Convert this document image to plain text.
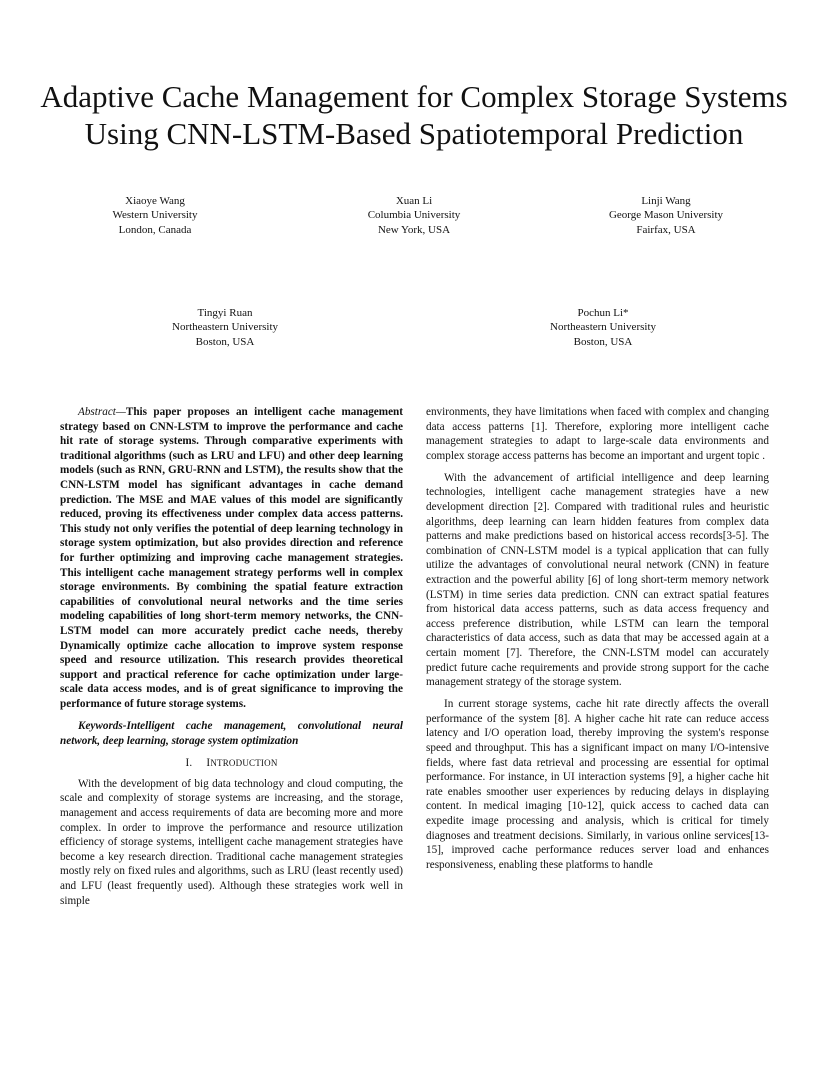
Adaptive Cache Management for Complex Storage Systems Using CNN-LSTM-Based Spatiotemporal Prediction
Xiaoye Wang
Western University
London, Canada
Xuan Li
Columbia University
New York, USA
Linji Wang
George Mason University
Fairfax, USA
Tingyi Ruan
Northeastern University
Boston, USA
Pochun Li*
Northeastern University
Boston, USA

Abstract—This paper proposes an intelligent cache management strategy based on CNN-LSTM to improve the performance and cache hit rate of storage systems. Through comparative experiments with traditional algorithms (such as LRU and LFU) and other deep learning models (such as RNN, GRU-RNN and LSTM), the results show that the CNN-LSTM model has significant advantages in cache demand prediction. The MSE and MAE values of this model are significantly reduced, proving its effectiveness under complex data access patterns. This study not only verifies the potential of deep learning technology in storage system optimization, but also provides direction and reference for further optimizing and improving cache management strategies. This intelligent cache management strategy performs well in complex storage environments. By combining the spatial feature extraction capabilities of convolutional neural networks and the time series modeling capabilities of long short-term memory networks, the CNN-LSTM model can more accurately predict cache needs, thereby Dynamically optimize cache allocation to improve system response speed and resource utilization. This research provides theoretical support and practical reference for cache optimization under large-scale data access modes, and is of great significance to improving the performance of future storage systems.

Keywords-Intelligent cache management, convolutional neural network, deep learning, storage system optimization

I. INTRODUCTION

With the development of big data technology and cloud computing, the scale and complexity of storage systems are increasing, and the storage, management and access requirements of data are becoming more and more complex. In order to improve the performance and resource utilization efficiency of storage systems, intelligent cache management strategies have become a key research direction. Traditional cache management strategies mostly rely on fixed rules and algorithms, such as LRU (least recently used) and LFU (least frequently used). Although these strategies work well in simple

environments, they have limitations when faced with complex and changing data access patterns [1]. Therefore, exploring more intelligent cache management strategies to adapt to large-scale data environments and complex storage access patterns has become an important and urgent topic .

With the advancement of artificial intelligence and deep learning technologies, intelligent cache management strategies have a new development direction [2]. Compared with traditional rules and heuristic algorithms, deep learning can learn hidden features from complex data patterns and make predictions based on historical access records[3-5]. The combination of CNN-LSTM model is a typical application that can fully utilize the advantages of convolutional neural network (CNN) in feature extraction and the powerful ability [6] of long short-term memory network (LSTM) in time series data prediction. CNN can extract spatial features from historical data access patterns, such as data access frequency and access preference distribution, while LSTM can learn the temporal characteristics of data access, such as data that may be accessed again at a certain moment [7]. Therefore, the CNN-LSTM model can accurately predict future cache requirements and provide strong support for the cache management strategy of the storage system.

In current storage systems, cache hit rate directly affects the overall performance of the system [8]. A higher cache hit rate can reduce access latency and I/O operation load, thereby improving the system's response speed and throughput. This has a significant impact on many I/O-intensive fields, where fast data retrieval and processing are essential for optimal performance. For instance, in UI interaction systems [9], a higher cache hit rate enables smoother user experiences by reducing delays in displaying content. In medical imaging [10-12], quick access to cached data can expedite image processing and analysis, which is critical for timely diagnoses and treatment decisions. Similarly, in various online services[13-15], improved cache performance reduces server load and enhances responsiveness, enabling these platforms to handle
